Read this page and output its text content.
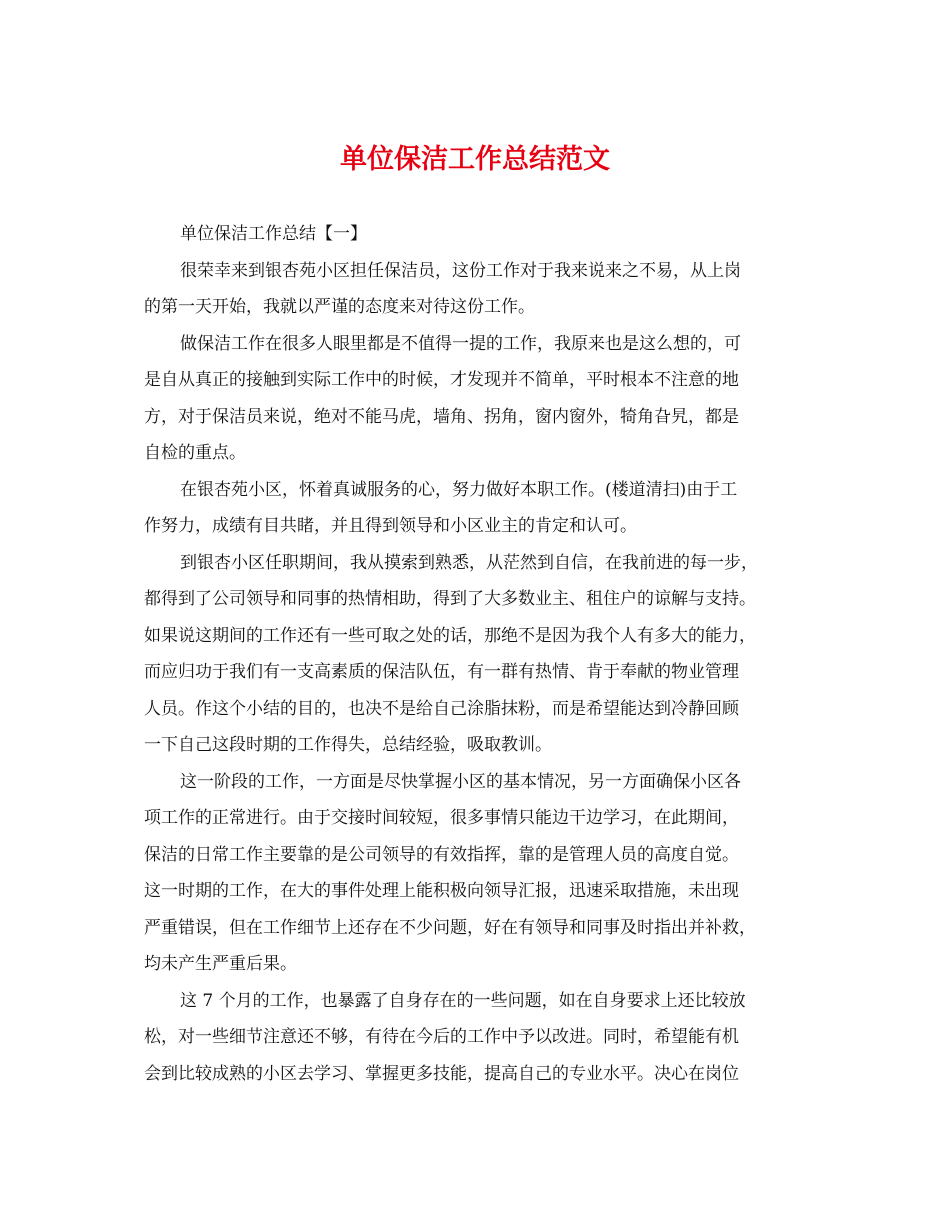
单位保洁工作总结范文

单位保洁工作总结【一】

很荣幸来到银杏苑小区担任保洁员，这份工作对于我来说来之不易，从上岗
的第一天开始，我就以严谨的态度来对待这份工作。

做保洁工作在很多人眼里都是不值得一提的工作，我原来也是这么想的，可
是自从真正的接触到实际工作中的时候，才发现并不简单，平时根本不注意的地
方，对于保洁员来说，绝对不能马虎，墙角、拐角，窗内窗外，犄角旮旯，都是
自检的重点。

在银杏苑小区，怀着真诚服务的心，努力做好本职工作。(楼道清扫)由于工
作努力，成绩有目共睹，并且得到领导和小区业主的肯定和认可。

到银杏小区任职期间，我从摸索到熟悉，从茫然到自信，在我前进的每一步，
都得到了公司领导和同事的热情相助，得到了大多数业主、租住户的谅解与支持。
如果说这期间的工作还有一些可取之处的话，那绝不是因为我个人有多大的能力，
而应归功于我们有一支高素质的保洁队伍，有一群有热情、肯于奉献的物业管理
人员。作这个小结的目的，也决不是给自己涂脂抹粉，而是希望能达到冷静回顾
一下自己这段时期的工作得失，总结经验，吸取教训。

这一阶段的工作，一方面是尽快掌握小区的基本情况，另一方面确保小区各
项工作的正常进行。由于交接时间较短，很多事情只能边干边学习，在此期间，
保洁的日常工作主要靠的是公司领导的有效指挥，靠的是管理人员的高度自觉。
这一时期的工作，在大的事件处理上能积极向领导汇报，迅速采取措施，未出现
严重错误，但在工作细节上还存在不少问题，好在有领导和同事及时指出并补救，
均未产生严重后果。

这 7 个月的工作，也暴露了自身存在的一些问题，如在自身要求上还比较放
松，对一些细节注意还不够，有待在今后的工作中予以改进。同时，希望能有机
会到比较成熟的小区去学习、掌握更多技能，提高自己的专业水平。决心在岗位
